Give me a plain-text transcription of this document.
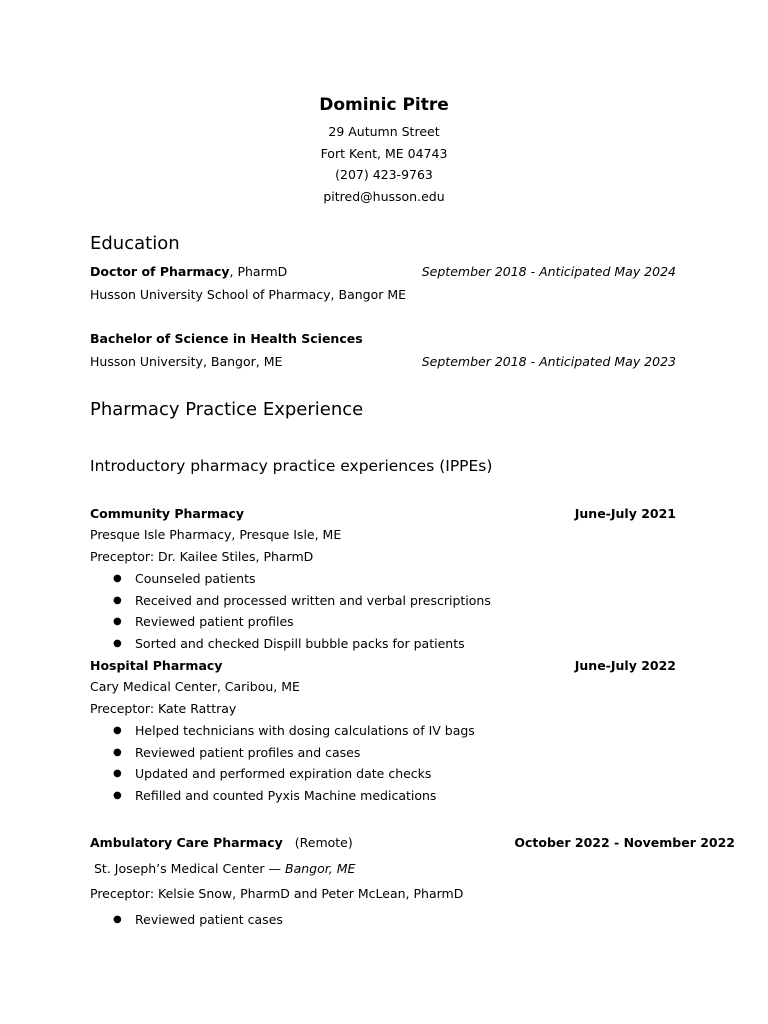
Dominic Pitre
29 Autumn Street
Fort Kent, ME 04743
(207) 423-9763
pitred@husson.edu
Education
Doctor of Pharmacy, PharmD	September 2018 - Anticipated May 2024
Husson University School of Pharmacy, Bangor ME
Bachelor of Science in Health Sciences
Husson University, Bangor, ME	September 2018 - Anticipated May 2023
Pharmacy Practice Experience
Introductory pharmacy practice experiences (IPPEs)
Community Pharmacy	June-July 2021
Presque Isle Pharmacy, Presque Isle, ME
Preceptor: Dr. Kailee Stiles, PharmD
● Counseled patients
● Received and processed written and verbal prescriptions
● Reviewed patient profiles
● Sorted and checked Dispill bubble packs for patients
Hospital Pharmacy	June-July 2022
Cary Medical Center, Caribou, ME
Preceptor: Kate Rattray
● Helped technicians with dosing calculations of IV bags
● Reviewed patient profiles and cases
● Updated and performed expiration date checks
● Refilled and counted Pyxis Machine medications
Ambulatory Care Pharmacy (Remote)	October 2022 - November 2022
St. Joseph’s Medical Center — Bangor, ME
Preceptor: Kelsie Snow, PharmD and Peter McLean, PharmD
● Reviewed patient cases
